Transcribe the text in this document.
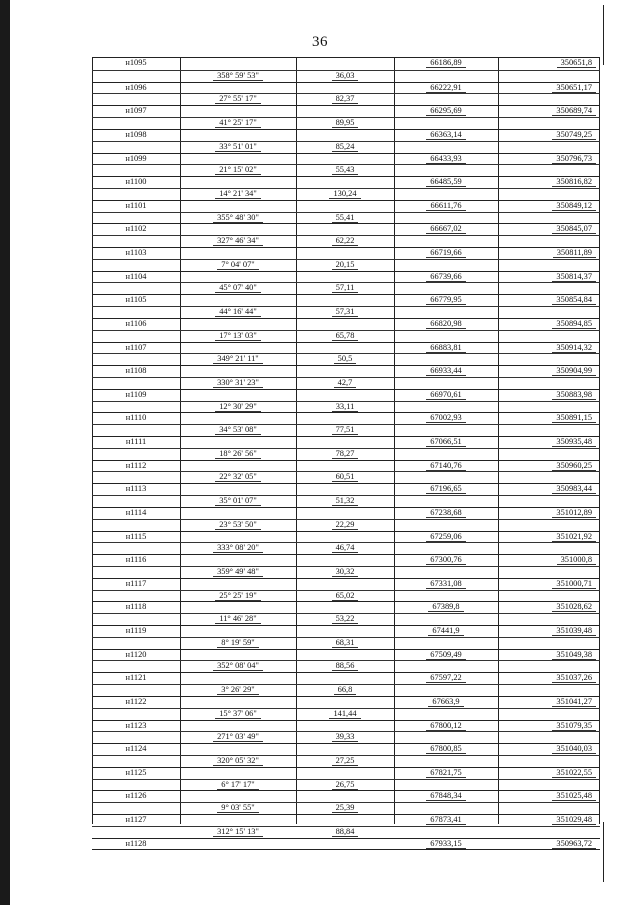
36
н1095	66186,89	350651,8
358° 59' 53"	36,03
н1096	66222,91	350651,17
27° 55' 17"	82,37
н1097	66295,69	350689,74
41° 25' 17"	89,95
н1098	66363,14	350749,25
33° 51' 01"	85,24
н1099	66433,93	350796,73
21° 15' 02"	55,43
н1100	66485,59	350816,82
14° 21' 34"	130,24
н1101	66611,76	350849,12
355° 48' 30"	55,41
н1102	66667,02	350845,07
327° 46' 34"	62,22
н1103	66719,66	350811,89
7° 04' 07"	20,15
н1104	66739,66	350814,37
45° 07' 40"	57,11
н1105	66779,95	350854,84
44° 16' 44"	57,31
н1106	66820,98	350894,85
17° 13' 03"	65,78
н1107	66883,81	350914,32
349° 21' 11"	50,5
н1108	66933,44	350904,99
330° 31' 23"	42,7
н1109	66970,61	350883,98
12° 30' 29"	33,11
н1110	67002,93	350891,15
34° 53' 08"	77,51
н1111	67066,51	350935,48
18° 26' 56"	78,27
н1112	67140,76	350960,25
22° 32' 05"	60,51
н1113	67196,65	350983,44
35° 01' 07"	51,32
н1114	67238,68	351012,89
23° 53' 50"	22,29
н1115	67259,06	351021,92
333° 08' 20"	46,74
н1116	67300,76	351000,8
359° 49' 48"	30,32
н1117	67331,08	351000,71
25° 25' 19"	65,02
н1118	67389,8	351028,62
11° 46' 28"	53,22
н1119	67441,9	351039,48
8° 19' 59"	68,31
н1120	67509,49	351049,38
352° 08' 04"	88,56
н1121	67597,22	351037,26
3° 26' 29"	66,8
н1122	67663,9	351041,27
15° 37' 06"	141,44
н1123	67800,12	351079,35
271° 03' 49"	39,33
н1124	67800,85	351040,03
320° 05' 32"	27,25
н1125	67821,75	351022,55
6° 17' 17"	26,75
н1126	67848,34	351025,48
9° 03' 55"	25,39
н1127	67873,41	351029,48
312° 15' 13"	88,84
н1128	67933,15	350963,72
